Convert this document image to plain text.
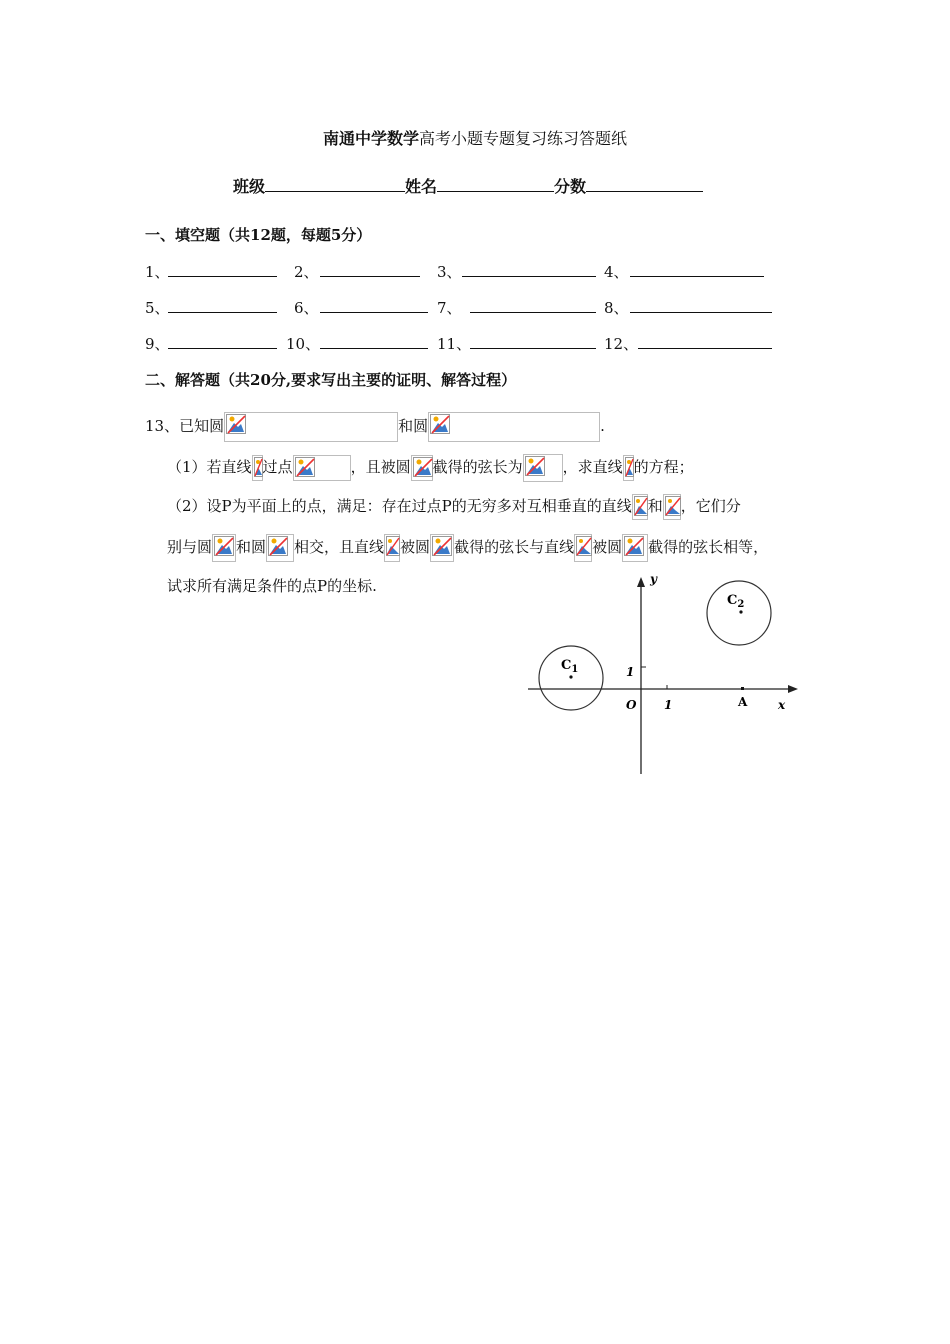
南通中学数学高考小题专题复习练习答题纸
班级	姓名	分数
一、填空题（共12题，每题5分）
1、	2、	3、	4、
5、	6、	7、	8、
9、	10、	11、	12、
二、解答题（共20分,要求写出主要的证明、解答过程）
13、已知圆	和圆	.
（1）若直线 过点	，且被圆 截得的弦长为	，求直线 的方程；
（2）设P为平面上的点，满足：存在过点P的无穷多对互相垂直的直线 和 ，它们分
别与圆 和圆 相交，且直线 被圆 截得的弦长与直线 被圆 截得的弦长相等，
试求所有满足条件的点P的坐标.	y
x
O 1
1
A
$C_1$
$C_2$
